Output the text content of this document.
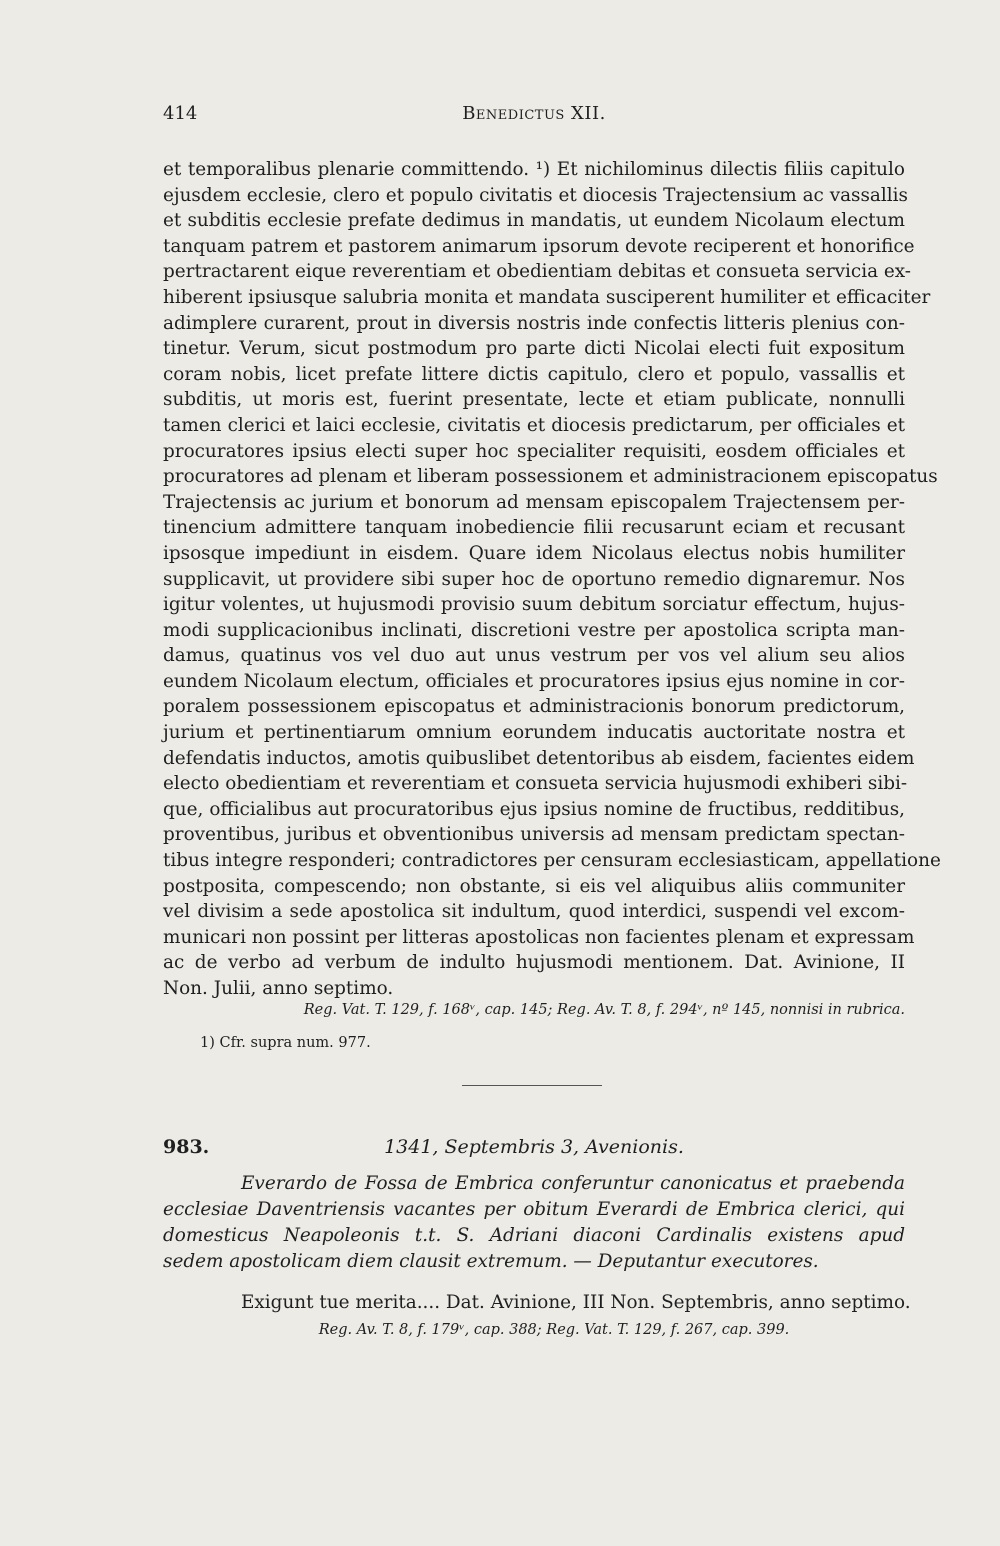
414	Benedictus XII.
et temporalibus plenarie committendo. ¹) Et nichilominus dilectis filiis capitulo
ejusdem ecclesie, clero et populo civitatis et diocesis Trajectensium ac vassallis
et subditis ecclesie prefate dedimus in mandatis, ut eundem Nicolaum electum
tanquam patrem et pastorem animarum ipsorum devote reciperent et honorifice
pertractarent eique reverentiam et obedientiam debitas et consueta servicia ex-
hiberent ipsiusque salubria monita et mandata susciperent humiliter et efficaciter
adimplere curarent, prout in diversis nostris inde confectis litteris plenius con-
tinetur. Verum, sicut postmodum pro parte dicti Nicolai electi fuit expositum
coram nobis, licet prefate littere dictis capitulo, clero et populo, vassallis et
subditis, ut moris est, fuerint presentate, lecte et etiam publicate, nonnulli
tamen clerici et laici ecclesie, civitatis et diocesis predictarum, per officiales et
procuratores ipsius electi super hoc specialiter requisiti, eosdem officiales et
procuratores ad plenam et liberam possessionem et administracionem episcopatus
Trajectensis ac jurium et bonorum ad mensam episcopalem Trajectensem per-
tinencium admittere tanquam inobediencie filii recusarunt eciam et recusant
ipsosque impediunt in eisdem. Quare idem Nicolaus electus nobis humiliter
supplicavit, ut providere sibi super hoc de oportuno remedio dignaremur. Nos
igitur volentes, ut hujusmodi provisio suum debitum sorciatur effectum, hujus-
modi supplicacionibus inclinati, discretioni vestre per apostolica scripta man-
damus, quatinus vos vel duo aut unus vestrum per vos vel alium seu alios
eundem Nicolaum electum, officiales et procuratores ipsius ejus nomine in cor-
poralem possessionem episcopatus et administracionis bonorum predictorum,
jurium et pertinentiarum omnium eorundem inducatis auctoritate nostra et
defendatis inductos, amotis quibuslibet detentoribus ab eisdem, facientes eidem
electo obedientiam et reverentiam et consueta servicia hujusmodi exhiberi sibi-
que, officialibus aut procuratoribus ejus ipsius nomine de fructibus, redditibus,
proventibus, juribus et obventionibus universis ad mensam predictam spectan-
tibus integre responderi; contradictores per censuram ecclesiasticam, appellatione
postposita, compescendo; non obstante, si eis vel aliquibus aliis communiter
vel divisim a sede apostolica sit indultum, quod interdici, suspendi vel excom-
municari non possint per litteras apostolicas non facientes plenam et expressam
ac de verbo ad verbum de indulto hujusmodi mentionem. Dat. Avinione, II
Non. Julii, anno septimo.
Reg. Vat. T. 129, f. 168ᵛ, cap. 145; Reg. Av. T. 8, f. 294ᵛ, nº 145, nonnisi in rubrica.
1) Cfr. supra num. 977.
983.	1341, Septembris 3, Avenionis.
Everardo de Fossa de Embrica conferuntur canonicatus et praebenda
ecclesiae Daventriensis vacantes per obitum Everardi de Embrica clerici, qui
domesticus Neapoleonis t.t. S. Adriani diaconi Cardinalis existens apud
sedem apostolicam diem clausit extremum. — Deputantur executores.
Exigunt tue merita.... Dat. Avinione, III Non. Septembris, anno septimo.
Reg. Av. T. 8, f. 179ᵛ, cap. 388; Reg. Vat. T. 129, f. 267, cap. 399.
